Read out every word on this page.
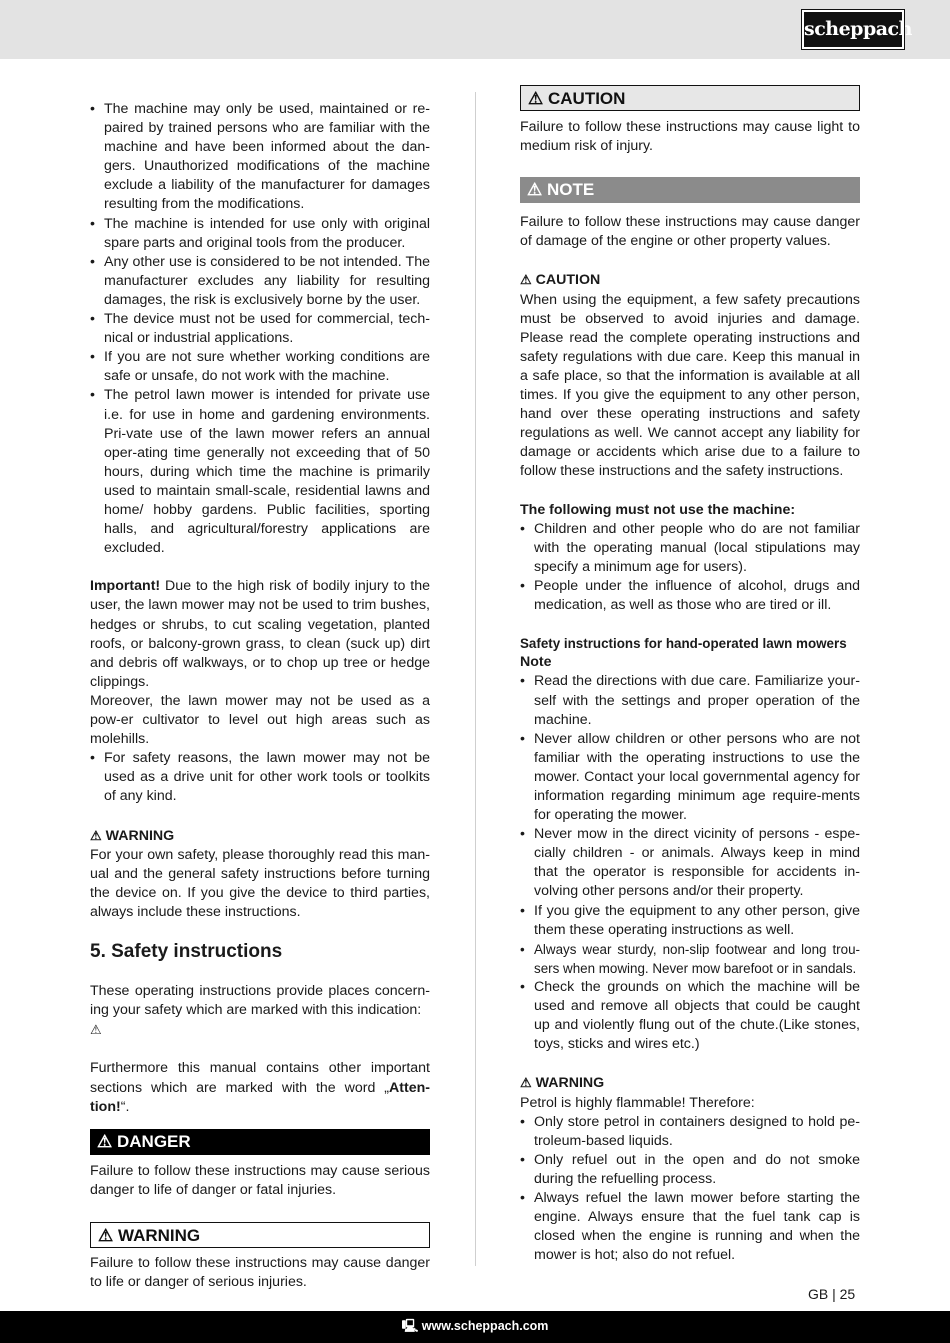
scheppach
• The machine may only be used, maintained or re-paired by trained persons who are familiar with the machine and have been informed about the dan-gers. Unauthorized modifications of the machine exclude a liability of the manufacturer for damages resulting from the modifications.
• The machine is intended for use only with original spare parts and original tools from the producer.
• Any other use is considered to be not intended. The manufacturer excludes any liability for resulting damages, the risk is exclusively borne by the user.
• The device must not be used for commercial, tech-nical or industrial applications.
• If you are not sure whether working conditions are safe or unsafe, do not work with the machine.
• The petrol lawn mower is intended for private use i.e. for use in home and gardening environments. Pri-vate use of the lawn mower refers an annual oper-ating time generally not exceeding that of 50 hours, during which time the machine is primarily used to maintain small-scale, residential lawns and home/ hobby gardens. Public facilities, sporting halls, and agricultural/forestry applications are excluded.

Important! Due to the high risk of bodily injury to the user, the lawn mower may not be used to trim bushes, hedges or shrubs, to cut scaling vegetation, planted roofs, or balcony-grown grass, to clean (suck up) dirt and debris off walkways, or to chop up tree or hedge clippings.

Moreover, the lawn mower may not be used as a pow-er cultivator to level out high areas such as molehills.

• For safety reasons, the lawn mower may not be used as a drive unit for other work tools or toolkits of any kind.
⚠ WARNING

For your own safety, please thoroughly read this man-ual and the general safety instructions before turning the device on. If you give the device to third parties, always include these instructions.

5. Safety instructions

These operating instructions provide places concern-ing your safety which are marked with this indication:

⚠

Furthermore this manual contains other important sections which are marked with the word „Atten-tion!“.

⚠ DANGER

Failure to follow these instructions may cause serious danger to life of danger or fatal injuries.

⚠ WARNING

Failure to follow these instructions may cause danger to life or danger of serious injuries.

⚠ CAUTION

Failure to follow these instructions may cause light to medium risk of injury.

⚠ NOTE

Failure to follow these instructions may cause danger of damage of the engine or other property values.

⚠ CAUTION

When using the equipment, a few safety precautions must be observed to avoid injuries and damage. Please read the complete operating instructions and safety regulations with due care. Keep this manual in a safe place, so that the information is available at all times. If you give the equipment to any other person, hand over these operating instructions and safety regulations as well. We cannot accept any liability for damage or accidents which arise due to a failure to follow these instructions and the safety instructions.

The following must not use the machine:
• Children and other people who do are not familiar with the operating manual (local stipulations may specify a minimum age for users).
• People under the influence of alcohol, drugs and medication, as well as those who are tired or ill.
Safety instructions for hand-operated lawn mowers
Note
• Read the directions with due care. Familiarize your-self with the settings and proper operation of the machine.
• Never allow children or other persons who are not familiar with the operating instructions to use the mower. Contact your local governmental agency for information regarding minimum age require-ments for operating the mower.
• Never mow in the direct vicinity of persons - espe-cially children - or animals. Always keep in mind that the operator is responsible for accidents in-volving other persons and/or their property.
• If you give the equipment to any other person, give them these operating instructions as well.
• Always wear sturdy, non-slip footwear and long trou-sers when mowing. Never mow barefoot or in sandals.
• Check the grounds on which the machine will be used and remove all objects that could be caught up and violently flung out of the chute.(Like stones, toys, sticks and wires etc.)
⚠ WARNING
Petrol is highly flammable! Therefore:
• Only store petrol in containers designed to hold pe-troleum-based liquids.
• Only refuel out in the open and do not smoke during the refuelling process.
• Always refuel the lawn mower before starting the engine. Always ensure that the fuel tank cap is closed when the engine is running and when the mower is hot; also do not refuel.
GB | 25
🖳 www.scheppach.com
